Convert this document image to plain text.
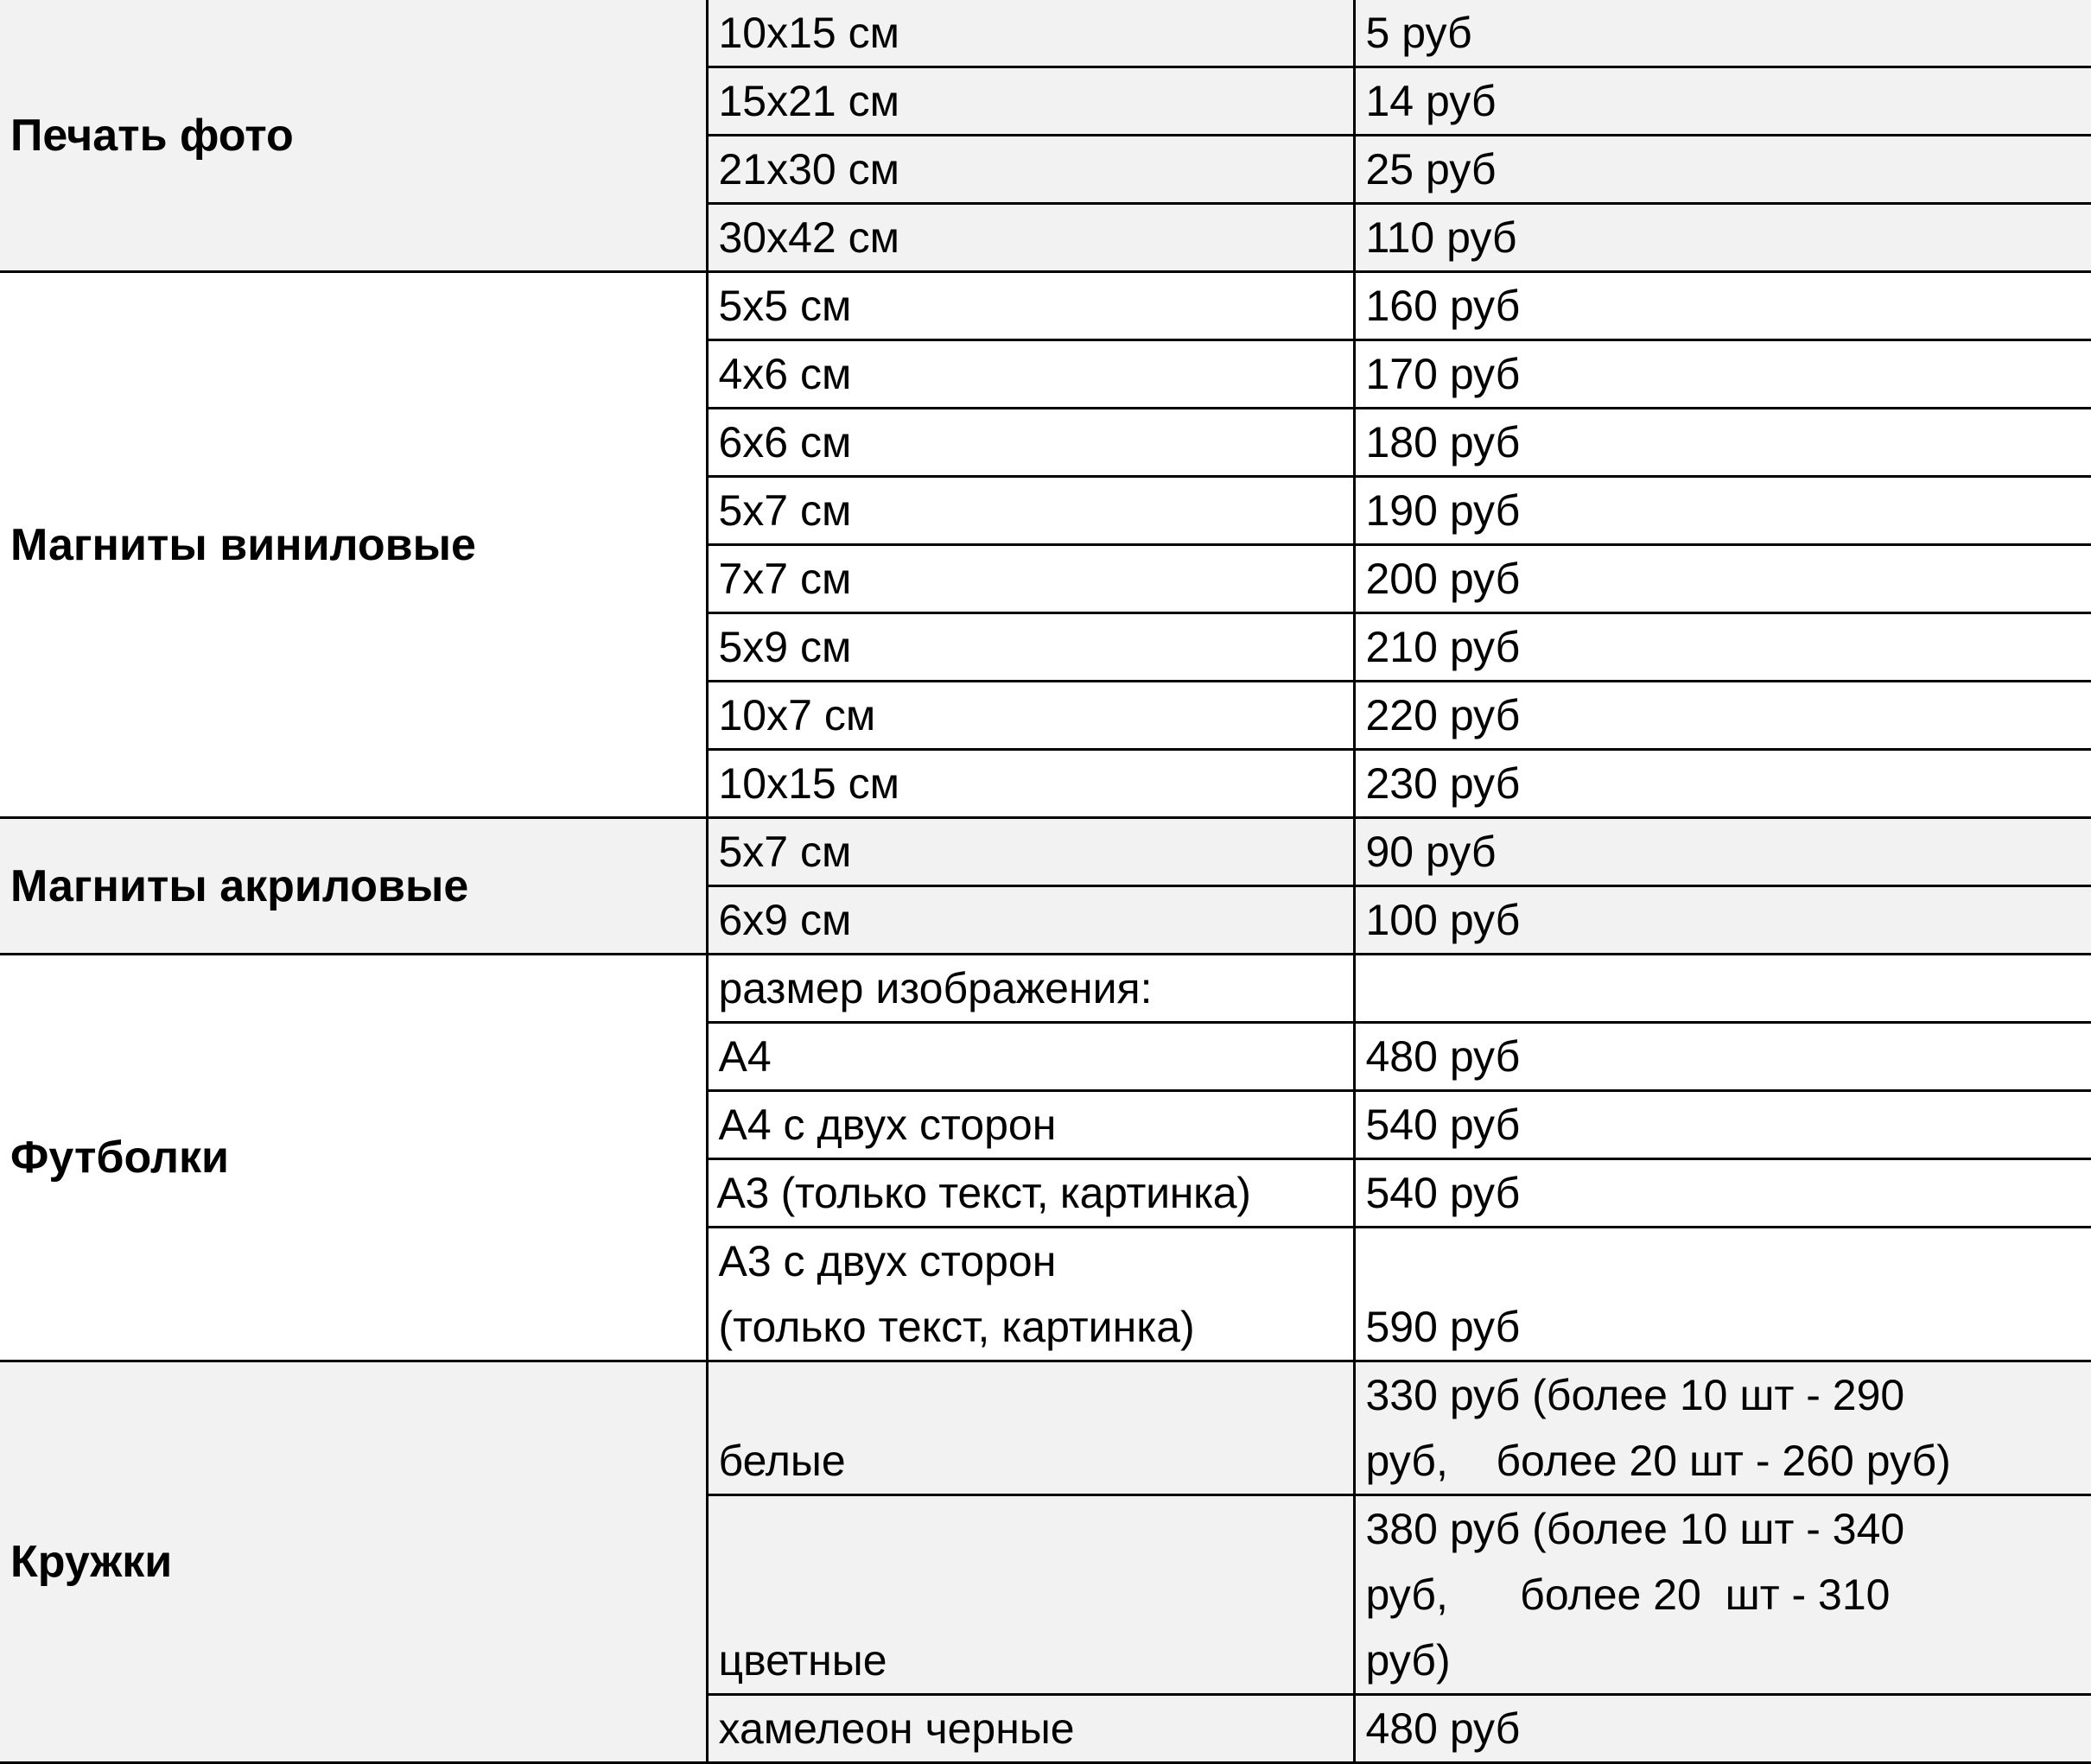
Печать фото	10х15 см	5 руб
	15х21 см	14 руб
	21х30 см	25 руб
	30х42 см	110 руб
Магниты виниловые	5х5 см	160 руб
	4х6 см	170 руб
	6х6 см	180 руб
	5х7 см	190 руб
	7х7 см	200 руб
	5х9 см	210 руб
	10х7 см	220 руб
	10х15 см	230 руб
Магниты акриловые	5х7 см	90 руб
	6х9 см	100 руб
Футболки	размер изображения:	
	А4	480 руб
	А4 с двух сторон	540 руб
	А3 (только текст, картинка)	540 руб
	А3 с двух сторон
(только текст, картинка)	590 руб
Кружки	белые	330 руб (более 10 шт - 290
руб,    более 20 шт - 260 руб)
	цветные	380 руб (более 10 шт - 340
руб,      более 20  шт - 310
руб)
	хамелеон черные	480 руб
